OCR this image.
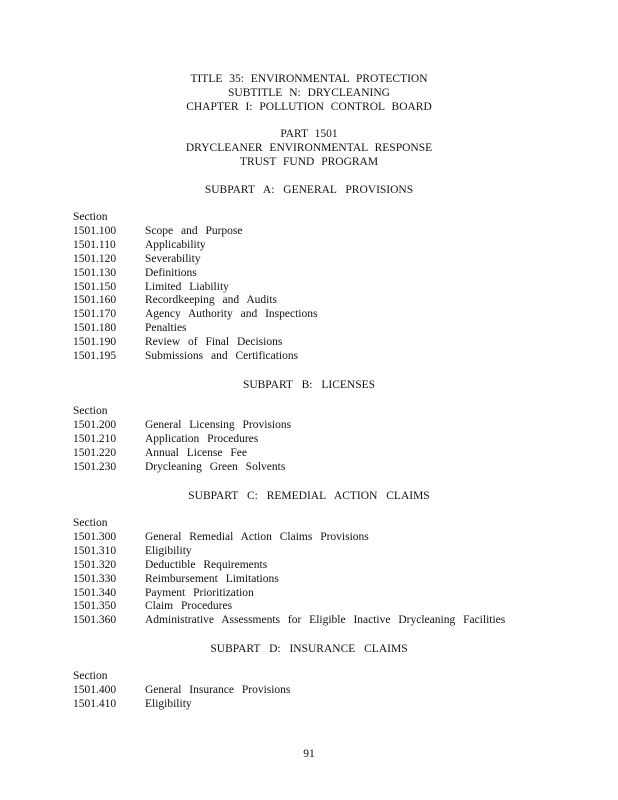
TITLE 35: ENVIRONMENTAL PROTECTION
SUBTITLE N: DRYCLEANING
CHAPTER I: POLLUTION CONTROL BOARD
PART 1501
DRYCLEANER ENVIRONMENTAL RESPONSE
TRUST FUND PROGRAM
SUBPART A: GENERAL PROVISIONS
Section
1501.100	Scope and Purpose
1501.110	Applicability
1501.120	Severability
1501.130	Definitions
1501.150	Limited Liability
1501.160	Recordkeeping and Audits
1501.170	Agency Authority and Inspections
1501.180	Penalties
1501.190	Review of Final Decisions
1501.195	Submissions and Certifications
SUBPART B: LICENSES
Section
1501.200	General Licensing Provisions
1501.210	Application Procedures
1501.220	Annual License Fee
1501.230	Drycleaning Green Solvents
SUBPART C: REMEDIAL ACTION CLAIMS
Section
1501.300	General Remedial Action Claims Provisions
1501.310	Eligibility
1501.320	Deductible Requirements
1501.330	Reimbursement Limitations
1501.340	Payment Prioritization
1501.350	Claim Procedures
1501.360	Administrative Assessments for Eligible Inactive Drycleaning Facilities
SUBPART D: INSURANCE CLAIMS
Section
1501.400	General Insurance Provisions
1501.410	Eligibility
91
